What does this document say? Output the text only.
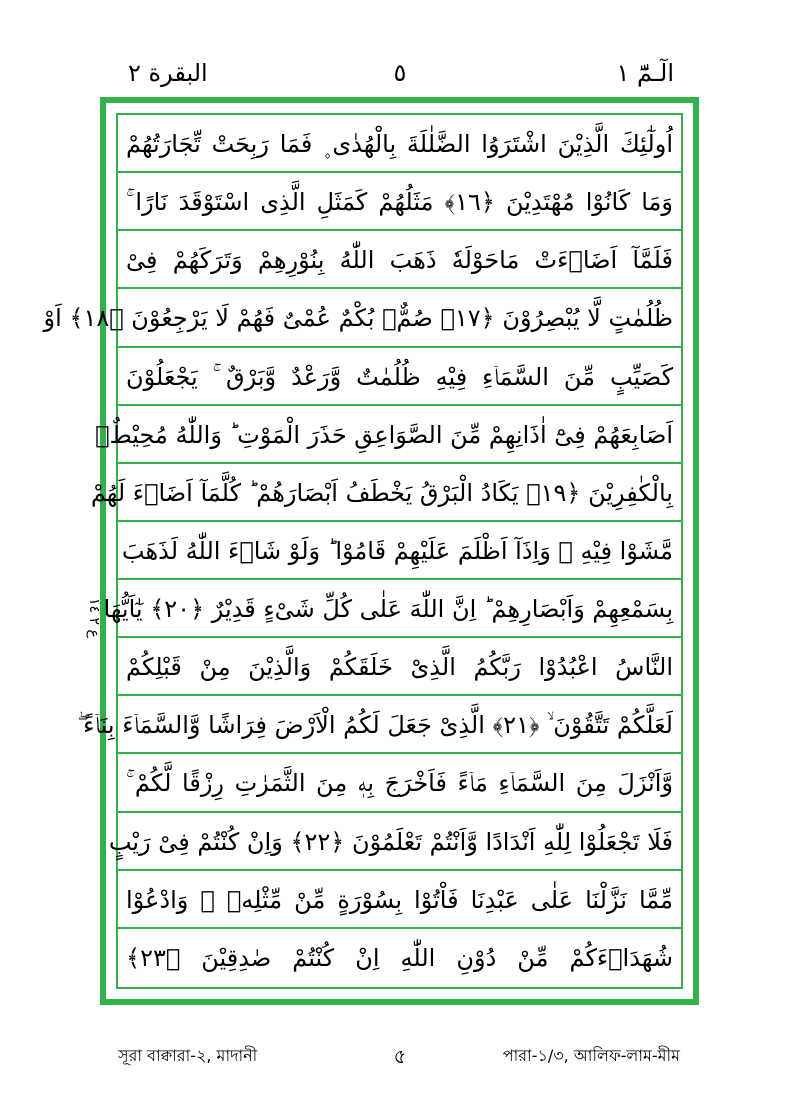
البقرة ٢	٥	الٓـمّٓ ١
اُولٰٓئِكَ الَّذِيْنَ اشْتَرَوُا الضَّلٰلَةَ بِالْهُدٰى ۪ فَمَا رَبِحَتْ تِّجَارَتُهُمْ
وَمَا كَانُوْا مُهْتَدِيْنَ ﴿١٦﴾ مَثَلُهُمْ كَمَثَلِ الَّذِى اسْتَوْقَدَ نَارًا ۚ
فَلَمَّآ اَضَاۤءَتْ مَاحَوْلَهٗ ذَهَبَ اللّٰهُ بِنُوْرِهِمْ وَتَرَكَهُمْ فِىْ
ظُلُمٰتٍ لَّا يُبْصِرُوْنَ ﴿١٧﴾ صُمٌّۢ بُكْمٌ عُمْىٌ فَهُمْ لَا يَرْجِعُوْنَ ﴿١٨﴾ اَوْ
كَصَيِّبٍ مِّنَ السَّمَاۤءِ فِيْهِ ظُلُمٰتٌ وَّرَعْدٌ وَّبَرْقٌ ۚ يَجْعَلُوْنَ
اَصَابِعَهُمْ فِىْٓ اٰذَانِهِمْ مِّنَ الصَّوَاعِقِ حَذَرَ الْمَوْتِ ؕ وَاللّٰهُ مُحِيْطٌۢ
بِالْكٰفِرِيْنَ ﴿١٩﴾ يَكَادُ الْبَرْقُ يَخْطَفُ اَبْصَارَهُمْ ؕ كُلَّمَآ اَضَاۤءَ لَهُمْ
مَّشَوْا فِيْهِ ۙ وَاِذَآ اَظْلَمَ عَلَيْهِمْ قَامُوْا ؕ وَلَوْ شَاۤءَ اللّٰهُ لَذَهَبَ
بِسَمْعِهِمْ وَاَبْصَارِهِمْ ؕ اِنَّ اللّٰهَ عَلٰى كُلِّ شَىْءٍ قَدِيْرٌ ﴿٢٠﴾ يٰٓاَيُّهَا
النَّاسُ اعْبُدُوْا رَبَّكُمُ الَّذِىْ خَلَقَكُمْ وَالَّذِيْنَ مِنْ قَبْلِكُمْ
لَعَلَّكُمْ تَتَّقُوْنَ ۙ ﴿٢١﴾ الَّذِىْ جَعَلَ لَكُمُ الْاَرْضَ فِرَاشًا وَّالسَّمَاۤءَ بِنَاۤءً ۖ
وَّاَنْزَلَ مِنَ السَّمَاۤءِ مَاۤءً فَاَخْرَجَ بِهٖ مِنَ الثَّمَرٰتِ رِزْقًا لَّكُمْ ۚ
فَلَا تَجْعَلُوْا لِلّٰهِ اَنْدَادًا وَّاَنْتُمْ تَعْلَمُوْنَ ﴿٢٢﴾ وَاِنْ كُنْتُمْ فِىْ رَيْبٍ
مِّمَّا نَزَّلْنَا عَلٰى عَبْدِنَا فَاْتُوْا بِسُوْرَةٍ مِّنْ مِّثْلِهٖ ۪ وَادْعُوْا
شُهَدَاۤءَكُمْ مِّنْ دُوْنِ اللّٰهِ اِنْ كُنْتُمْ صٰدِقِيْنَ ﴿٢٣﴾
ع ٢ ١٤
সূরা বাক্বারা-২, মাদানী	৫	পারা-১/৩, আলিফ-লাম-মীম
